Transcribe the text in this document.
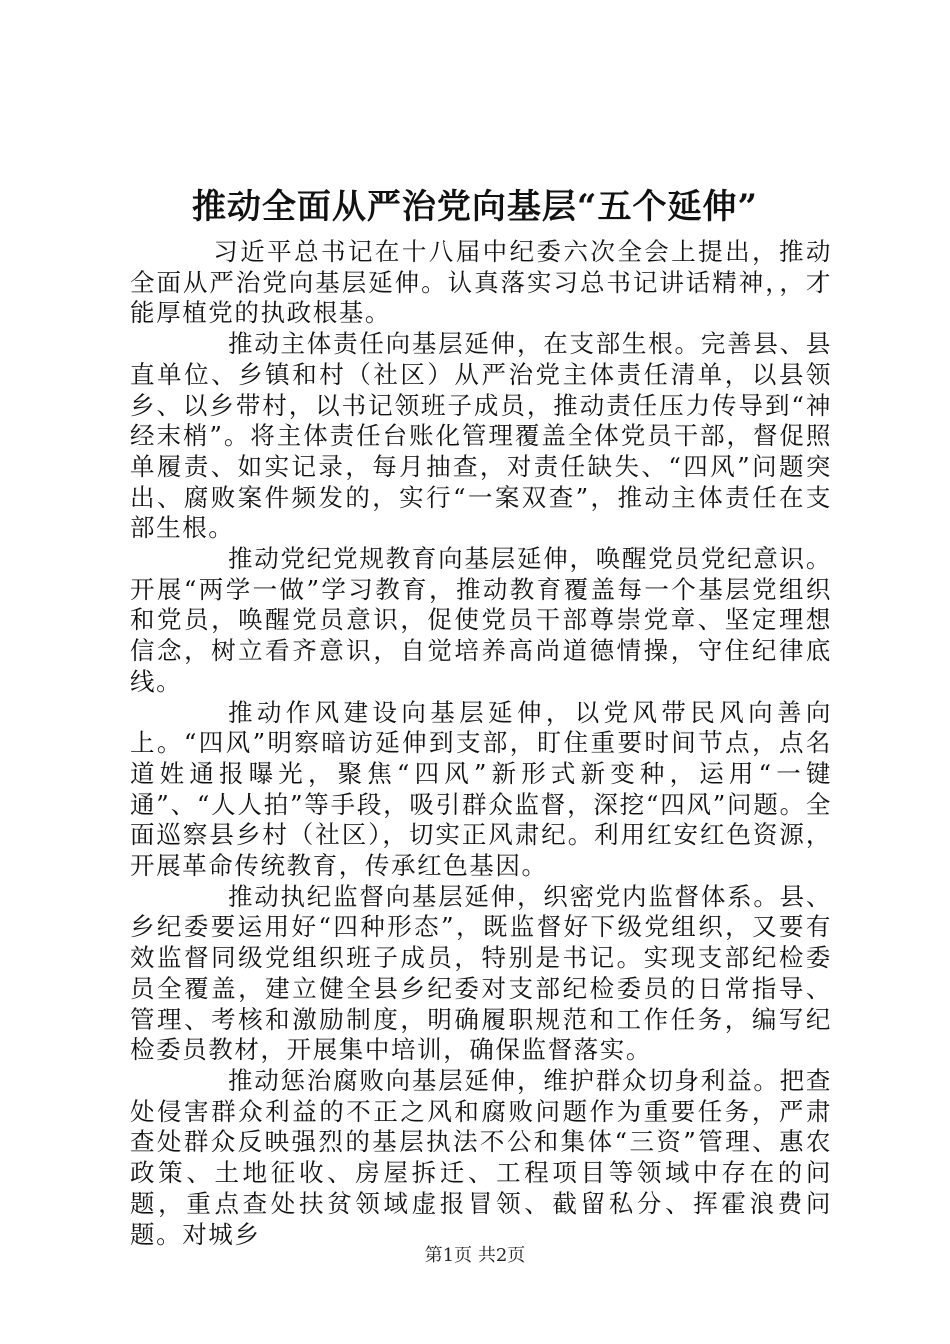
推动全面从严治党向基层“五个延伸”

习近平总书记在十八届中纪委六次全会上提出，推动全面从严治党向基层延伸。认真落实习总书记讲话精神，，才能厚植党的执政根基。

推动主体责任向基层延伸，在支部生根。完善县、县直单位、乡镇和村（社区）从严治党主体责任清单，以县领乡、以乡带村，以书记领班子成员，推动责任压力传导到“神经末梢”。将主体责任台账化管理覆盖全体党员干部，督促照单履责、如实记录，每月抽查，对责任缺失、“四风”问题突出、腐败案件频发的，实行“一案双查”，推动主体责任在支部生根。

推动党纪党规教育向基层延伸，唤醒党员党纪意识。开展“两学一做”学习教育，推动教育覆盖每一个基层党组织和党员，唤醒党员意识，促使党员干部尊崇党章、坚定理想信念，树立看齐意识，自觉培养高尚道德情操，守住纪律底线。

推动作风建设向基层延伸，以党风带民风向善向上。“四风”明察暗访延伸到支部，盯住重要时间节点，点名道姓通报曝光，聚焦“四风”新形式新变种，运用“一键通”、“人人拍”等手段，吸引群众监督，深挖“四风”问题。全面巡察县乡村（社区），切实正风肃纪。利用红安红色资源，开展革命传统教育，传承红色基因。

推动执纪监督向基层延伸，织密党内监督体系。县、乡纪委要运用好“四种形态”，既监督好下级党组织，又要有效监督同级党组织班子成员，特别是书记。实现支部纪检委员全覆盖，建立健全县乡纪委对支部纪检委员的日常指导、管理、考核和激励制度，明确履职规范和工作任务，编写纪检委员教材，开展集中培训，确保监督落实。

推动惩治腐败向基层延伸，维护群众切身利益。把查处侵害群众利益的不正之风和腐败问题作为重要任务，严肃查处群众反映强烈的基层执法不公和集体“三资”管理、惠农政策、土地征收、房屋拆迁、工程项目等领域中存在的问题，重点查处扶贫领域虚报冒领、截留私分、挥霍浪费问题。对城乡

第1页 共2页
